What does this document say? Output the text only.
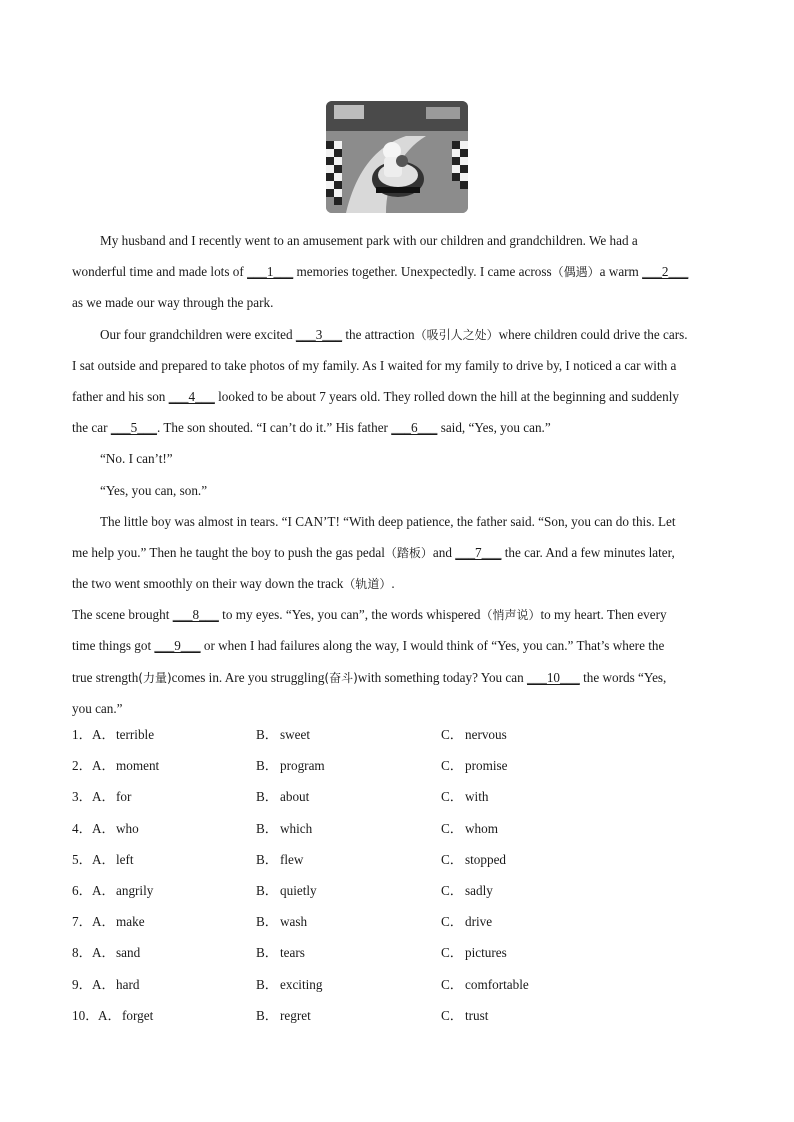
My husband and I recently went to an amusement park with our children and grandchildren. We had a
wonderful time and made lots of ___1___ memories together. Unexpectedly. I came across（偶遇）a warm ___2___
as we made our way through the park.
Our four grandchildren were excited ___3___ the attraction（吸引人之处）where children could drive the cars.
I sat outside and prepared to take photos of my family. As I waited for my family to drive by, I noticed a car with a
father and his son ___4___ looked to be about 7 years old. They rolled down the hill at the beginning and suddenly
the car ___5___. The son shouted. “I can’t do it.” His father ___6___ said, “Yes, you can.”
“No. I can’t!”
“Yes, you can, son.”
The little boy was almost in tears. “I CAN’T! “With deep patience, the father said. “Son, you can do this. Let
me help you.” Then he taught the boy to push the gas pedal（踏板）and ___7___ the car. And a few minutes later,
the two went smoothly on their way down the track（轨道）.
The scene brought ___8___ to my eyes. “Yes, you can”, the words whispered（悄声说）to my heart. Then every
time things got ___9___ or when I had failures along the way, I would think of “Yes, you can.” That’s where the
true strength(力量)comes in. Are you struggling(奋斗)with something today? You can ___10___ the words “Yes,
you can.”
1． A．terrible	B． sweet	C． nervous
2． A．moment	B． program	C． promise
3． A．for	B． about	C． with
4． A．who	B． which	C． whom
5． A．left	B． flew	C． stopped
6． A．angrily	B． quietly	C． sadly
7． A．make	B． wash	C． drive
8． A．sand	B． tears	C． pictures
9． A．hard	B． exciting	C． comfortable
10． A．forget	B． regret	C． trust
